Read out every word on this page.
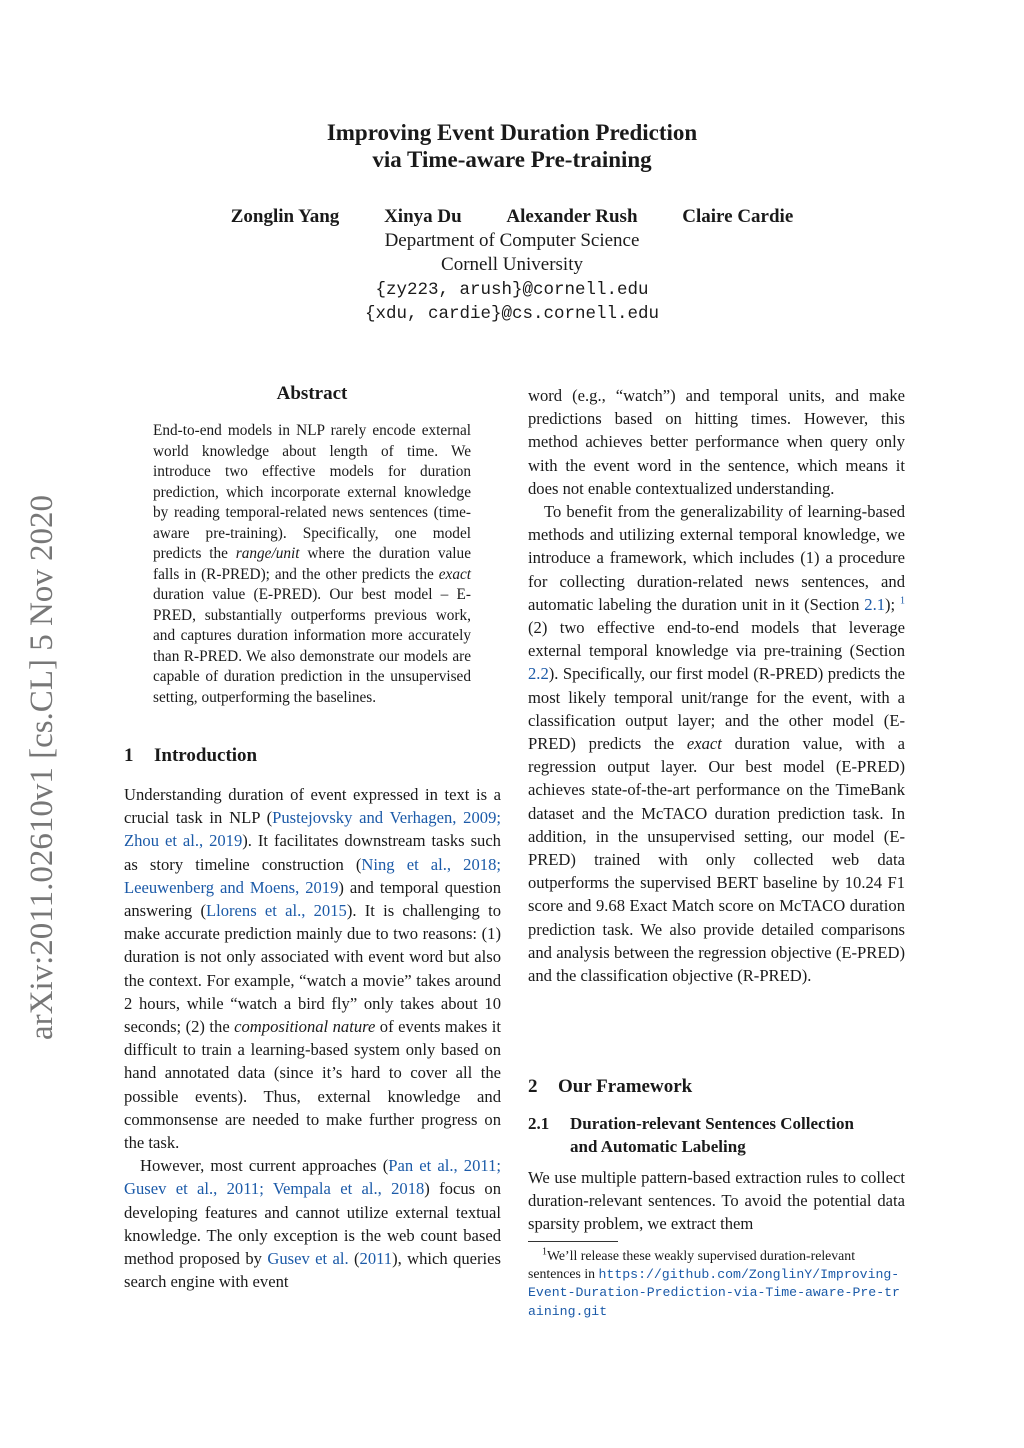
Improving Event Duration Prediction
via Time-aware Pre-training
Zonglin Yang Xinya Du Alexander Rush Claire Cardie
Department of Computer Science
Cornell University
{zy223, arush}@cornell.edu
{xdu, cardie}@cs.cornell.edu
arXiv:2011.02610v1 [cs.CL] 5 Nov 2020
Abstract
End-to-end models in NLP rarely encode external world knowledge about length of time. We introduce two effective models for duration prediction, which incorporate external knowledge by reading temporal-related news sentences (time-aware pre-training). Specifically, one model predicts the range/unit where the duration value falls in (R-PRED); and the other predicts the exact duration value (E-PRED). Our best model – E-PRED, substantially outperforms previous work, and captures duration information more accurately than R-PRED. We also demonstrate our models are capable of duration prediction in the unsupervised setting, outperforming the baselines.
1 Introduction

Understanding duration of event expressed in text is a crucial task in NLP (Pustejovsky and Verhagen, 2009; Zhou et al., 2019). It facilitates downstream tasks such as story timeline construction (Ning et al., 2018; Leeuwenberg and Moens, 2019) and temporal question answering (Llorens et al., 2015). It is challenging to make accurate prediction mainly due to two reasons: (1) duration is not only associated with event word but also the context. For example, “watch a movie” takes around 2 hours, while “watch a bird fly” only takes about 10 seconds; (2) the compositional nature of events makes it difficult to train a learning-based system only based on hand annotated data (since it’s hard to cover all the possible events). Thus, external knowledge and commonsense are needed to make further progress on the task.

However, most current approaches (Pan et al., 2011; Gusev et al., 2011; Vempala et al., 2018) focus on developing features and cannot utilize external textual knowledge. The only exception is the web count based method proposed by Gusev et al. (2011), which queries search engine with event

word (e.g., “watch”) and temporal units, and make predictions based on hitting times. However, this method achieves better performance when query only with the event word in the sentence, which means it does not enable contextualized understanding.

To benefit from the generalizability of learning-based methods and utilizing external temporal knowledge, we introduce a framework, which includes (1) a procedure for collecting duration-related news sentences, and automatic labeling the duration unit in it (Section 2.1); $^1$ (2) two effective end-to-end models that leverage external temporal knowledge via pre-training (Section 2.2). Specifically, our first model (R-PRED) predicts the most likely temporal unit/range for the event, with a classification output layer; and the other model (E-PRED) predicts the exact duration value, with a regression output layer. Our best model (E-PRED) achieves state-of-the-art performance on the TimeBank dataset and the McTACO duration prediction task. In addition, in the unsupervised setting, our model (E-PRED) trained with only collected web data outperforms the supervised BERT baseline by 10.24 F1 score and 9.68 Exact Match score on McTACO duration prediction task. We also provide detailed comparisons and analysis between the regression objective (E-PRED) and the classification objective (R-PRED).

2 Our Framework
2.1 Duration-relevant Sentences Collection
and Automatic Labeling

We use multiple pattern-based extraction rules to collect duration-relevant sentences. To avoid the potential data sparsity problem, we extract them

$^1$We’ll release these weakly supervised duration-relevant sentences in https://github.com/ZonglinY/Improving-Event-Duration-Prediction-via-Time-aware-Pre-training.git
